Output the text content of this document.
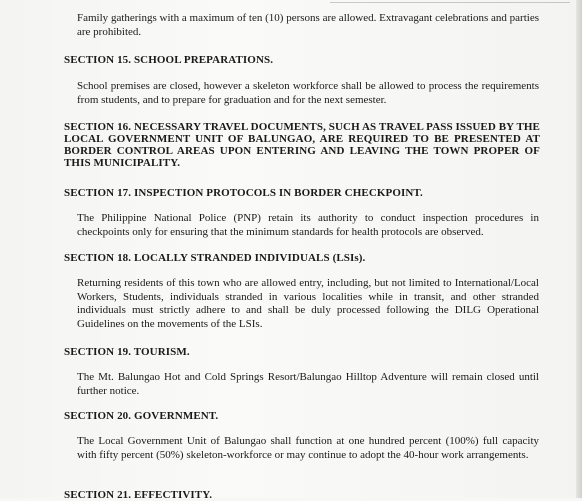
Family gatherings with a maximum of ten (10) persons are allowed. Extravagant celebrations and parties are prohibited.

SECTION 15. SCHOOL PREPARATIONS.

School premises are closed, however a skeleton workforce shall be allowed to process the requirements from students, and to prepare for graduation and for the next semester.

SECTION 16. NECESSARY TRAVEL DOCUMENTS, SUCH AS TRAVEL PASS ISSUED BY THE LOCAL GOVERNMENT UNIT OF BALUNGAO, ARE REQUIRED TO BE PRESENTED AT BORDER CONTROL AREAS UPON ENTERING AND LEAVING THE TOWN PROPER OF THIS MUNICIPALITY.

SECTION 17. INSPECTION PROTOCOLS IN BORDER CHECKPOINT.

The Philippine National Police (PNP) retain its authority to conduct inspection procedures in checkpoints only for ensuring that the minimum standards for health protocols are observed.

SECTION 18. LOCALLY STRANDED INDIVIDUALS (LSIs).

Returning residents of this town who are allowed entry, including, but not limited to International/Local Workers, Students, individuals stranded in various localities while in transit, and other stranded individuals must strictly adhere to and shall be duly processed following the DILG Operational Guidelines on the movements of the LSIs.

SECTION 19. TOURISM.

The Mt. Balungao Hot and Cold Springs Resort/Balungao Hilltop Adventure will remain closed until further notice.

SECTION 20. GOVERNMENT.

The Local Government Unit of Balungao shall function at one hundred percent (100%) full capacity with fifty percent (50%) skeleton-workforce or may continue to adopt the 40-hour work arrangements.

SECTION 21. EFFECTIVITY.
